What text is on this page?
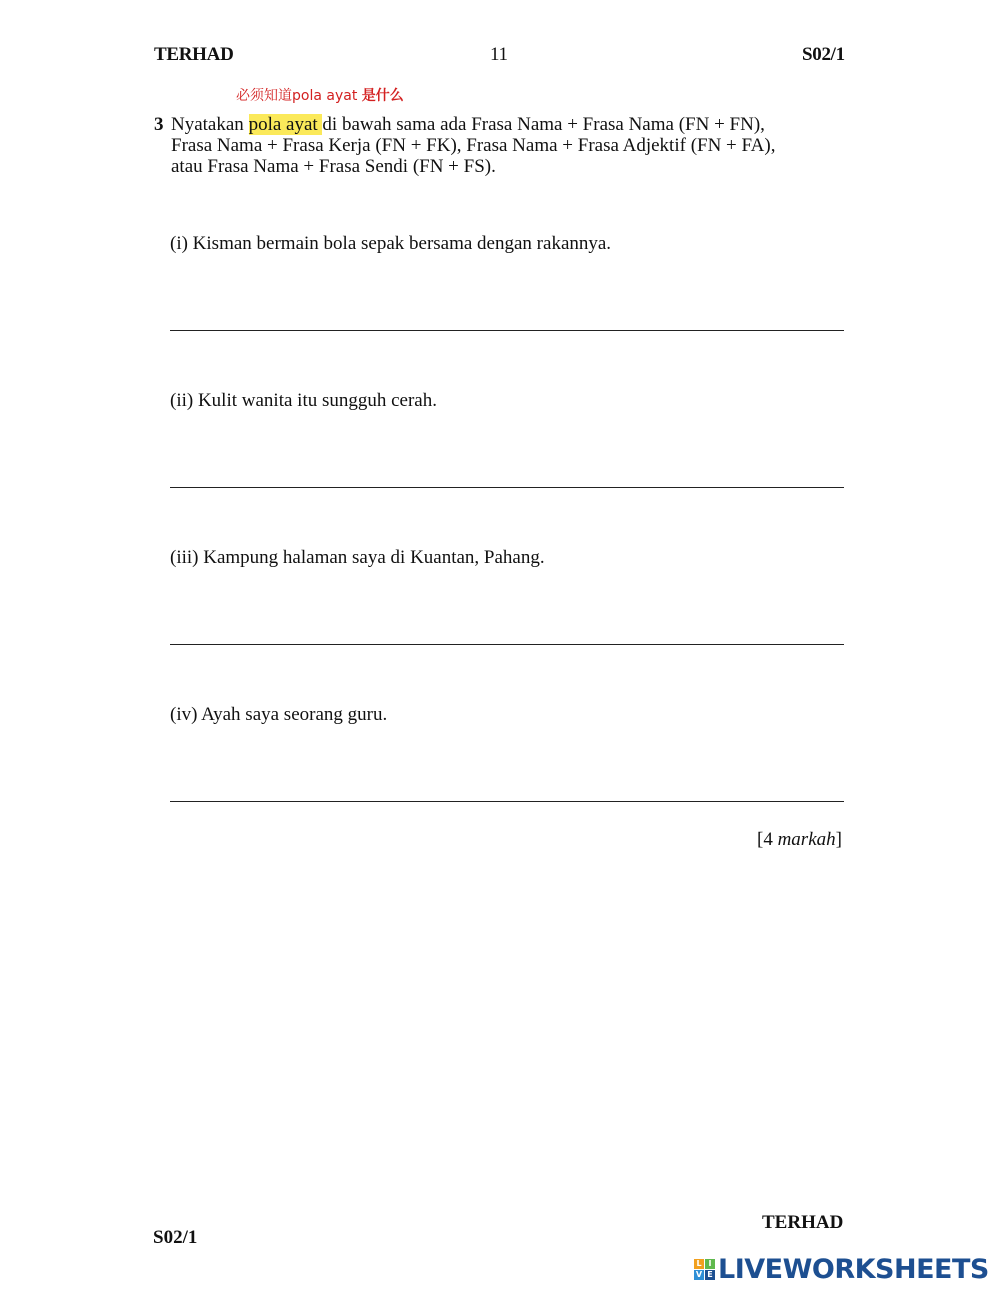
TERHAD	11	S02/1
必须知道pola ayat 是什么
3 Nyatakan pola ayat di bawah sama ada Frasa Nama + Frasa Nama (FN + FN),
Frasa Nama + Frasa Kerja (FN + FK), Frasa Nama + Frasa Adjektif (FN + FA),
atau Frasa Nama + Frasa Sendi (FN + FS).
(i) Kisman bermain bola sepak bersama dengan rakannya.
(ii) Kulit wanita itu sungguh cerah.
(iii) Kampung halaman saya di Kuantan, Pahang.
(iv) Ayah saya seorang guru.
[4 markah]
TERHAD
S02/1
L I
V E LIVEWORKSHEETS
